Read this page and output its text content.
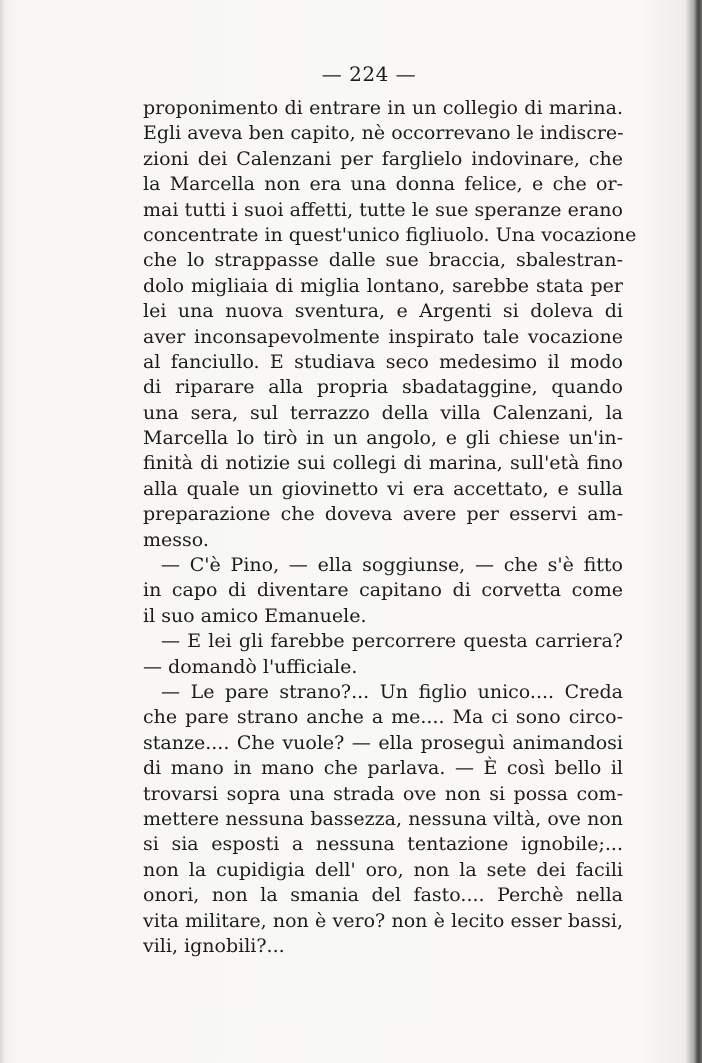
— 224 —
proponimento di entrare in un collegio di marina.
Egli aveva ben capito, nè occorrevano le indiscre-
zioni dei Calenzani per farglielo indovinare, che
la Marcella non era una donna felice, e che or-
mai tutti i suoi affetti, tutte le sue speranze erano
concentrate in quest'unico figliuolo. Una vocazione
che lo strappasse dalle sue braccia, sbalestran-
dolo migliaia di miglia lontano, sarebbe stata per
lei una nuova sventura, e Argenti si doleva di
aver inconsapevolmente inspirato tale vocazione
al fanciullo. E studiava seco medesimo il modo
di riparare alla propria sbadataggine, quando
una sera, sul terrazzo della villa Calenzani, la
Marcella lo tirò in un angolo, e gli chiese un'in-
finità di notizie sui collegi di marina, sull'età fino
alla quale un giovinetto vi era accettato, e sulla
preparazione che doveva avere per esservi am-
messo.
— C'è Pino, — ella soggiunse, — che s'è fitto
in capo di diventare capitano di corvetta come
il suo amico Emanuele.
— E lei gli farebbe percorrere questa carriera?
— domandò l'ufficiale.
— Le pare strano?... Un figlio unico.... Creda
che pare strano anche a me.... Ma ci sono circo-
stanze.... Che vuole? — ella proseguì animandosi
di mano in mano che parlava. — È così bello il
trovarsi sopra una strada ove non si possa com-
mettere nessuna bassezza, nessuna viltà, ove non
si sia esposti a nessuna tentazione ignobile;...
non la cupidigia dell' oro, non la sete dei facili
onori, non la smania del fasto.... Perchè nella
vita militare, non è vero? non è lecito esser bassi,
vili, ignobili?...
